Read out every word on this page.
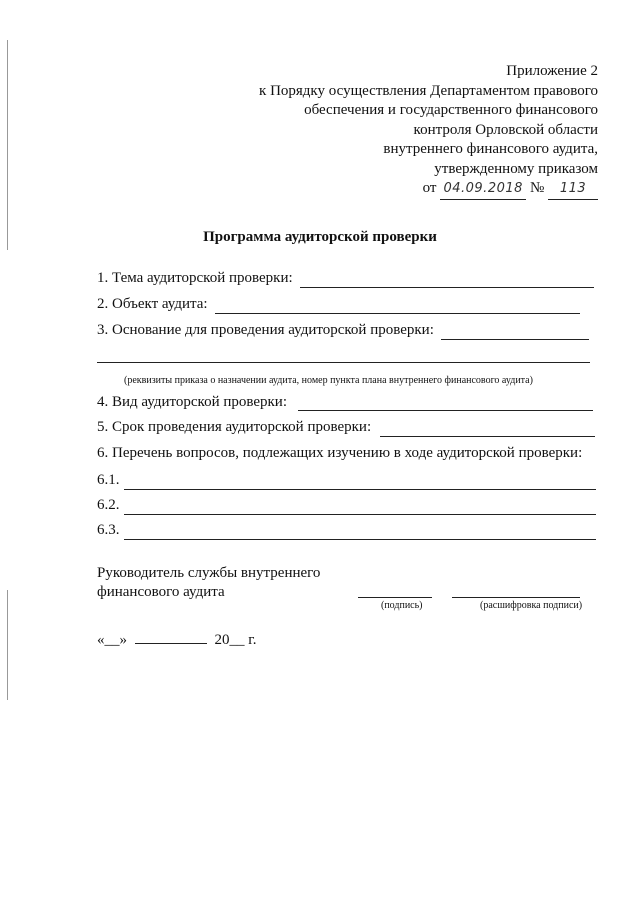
Приложение 2
к Порядку осуществления Департаментом правового
обеспечения и государственного финансового
контроля Орловской области
внутреннего финансового аудита,
утвержденному приказом
от 04.09.2018 № 113
Программа аудиторской проверки
1. Тема аудиторской проверки:
2. Объект аудита:
3. Основание для проведения аудиторской проверки:
(реквизиты приказа о назначении аудита, номер пункта плана внутреннего финансового аудита)
4. Вид аудиторской проверки:
5. Срок проведения аудиторской проверки:
6. Перечень вопросов, подлежащих изучению в ходе аудиторской проверки:
6.1.
6.2.
6.3.
Руководитель службы внутреннего
финансового аудита
(подпись)	(расшифровка подписи)
«__»	20__ г.
